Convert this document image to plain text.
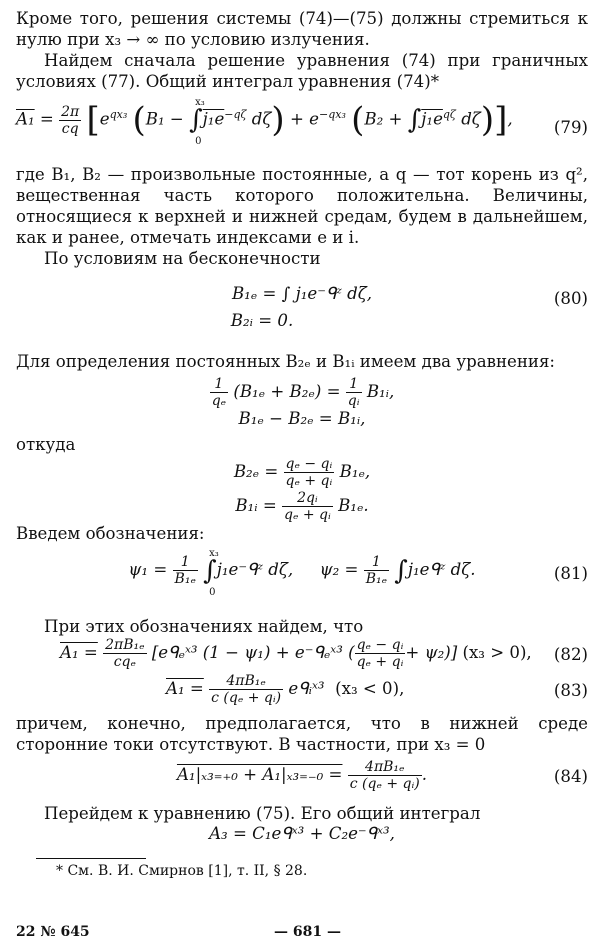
Кроме того, решения системы (74)—(75) должны стремиться к нулю при x₃ → ∞ по условию излучения.

Найдем сначала решение уравнения (74) при граничных условиях (77). Общий интеграл уравнения (74)*

$A_1 = \frac{2\pi}{cq} [e^{qx_3}$ (B₁ − ∫
x₃
0
$j_1e^{-q\zeta}$ $d\zeta) + e^{-qx_3}$ ($B_2 + \int j_1e^{q\zeta}$ dζ)], (79)

где B₁, B₂ — произвольные постоянные, а q — тот корень из q², вещественная часть которого положительна. Величины, относящиеся к верхней и нижней средам, будем в дальнейшем, как и ранее, отмечать индексами e и i.

По условиям на бесконечности

B₁ₑ = ∫ j₁e⁻ᑫᶻ dζ,
B₂ᵢ = 0.
(80)

Для определения постоянных B₂ₑ и B₁ᵢ имеем два уравнения:

$\frac{1}{\text{qₑ}} (B_{1e} + B_{2e}) = \frac{1}{\text{qᵢ}}$ B₁ᵢ,
B₁ₑ − B₂ₑ = B₁ᵢ,

откуда

$B_{2e} = \frac{\text{qₑ − qᵢ}}{\text{qₑ + qᵢ}} B_{1e}$,
B₁ᵢ = $\frac{\text{2qᵢ}}{\text{qₑ + qᵢ}} B_{1e}$.

Введем обозначения:

$\psi_1 = \frac{1}{\text{B₁ₑ}}$ ∫
x₃
0
j₁e⁻ᑫᶻ dζ, $\psi_2 = \frac{1}{\text{B₁ₑ}}$ ∫j₁eᑫᶻ dζ.	(81)

При этих обозначениях найдем, что

$A_1 = \frac{\text{2πB₁ₑ}}{\text{cqₑ}}$ [eᑫₑˣ³ (1 − ψ₁) + e⁻ᑫₑˣ³ ( $\frac{\text{qₑ − qᵢ}}{\text{qₑ + qᵢ}} + \psi_2$)] (x₃ > 0), (82)
$A_1 = \frac{\text{4πB₁ₑ}}{\text{c (qₑ + qᵢ)}}$ eᑫᵢˣ³ (x₃ < 0),	(83)

причем, конечно, предполагается, что в нижней среде сторонние токи отсутствуют. В частности, при x₃ = 0

$A_1|_{x3=+0} + A_1|_{x3=-0} = \frac{\text{4πB₁ₑ}}{\text{c (qₑ + qᵢ)}}$ .	(84)

Перейдем к уравнению (75). Его общий интеграл

A₃ = C₁eᑫˣ³ + C₂e⁻ᑫˣ³,
* См. В. И. Смирнов [1], т. II, § 28.
22 № 645	— 681 —
